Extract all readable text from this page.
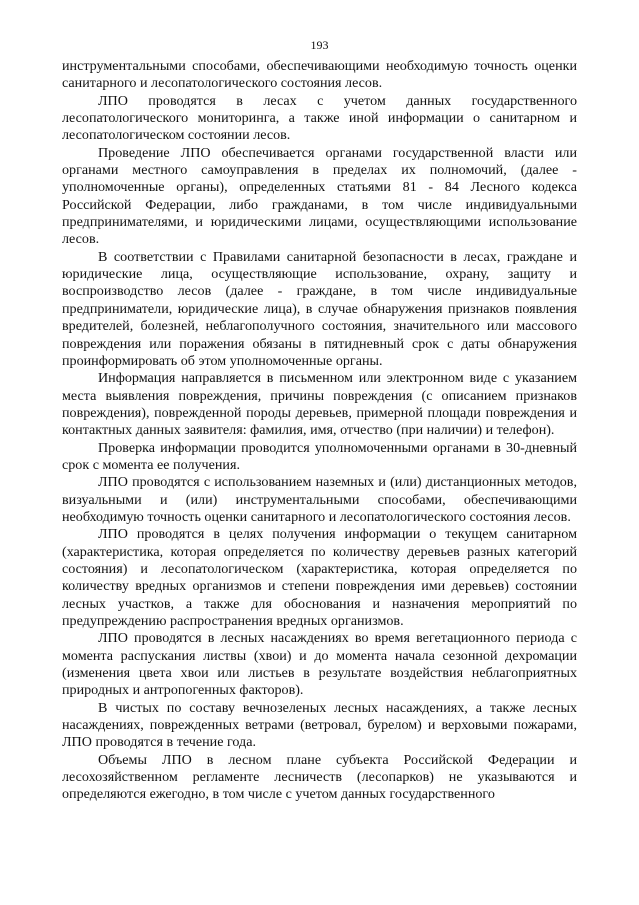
193

инструментальными способами, обеспечивающими необходимую точность оценки санитарного и лесопатологического состояния лесов.

ЛПО проводятся в лесах с учетом данных государственного лесопатологического мониторинга, а также иной информации о санитарном и лесопатологическом состоянии лесов.

Проведение ЛПО обеспечивается органами государственной власти или органами местного самоуправления в пределах их полномочий, (далее - уполномоченные органы), определенных статьями 81 - 84 Лесного кодекса Российской Федерации, либо гражданами, в том числе индивидуальными предпринимателями, и юридическими лицами, осуществляющими использование лесов.

В соответствии с Правилами санитарной безопасности в лесах, граждане и юридические лица, осуществляющие использование, охрану, защиту и воспроизводство лесов (далее - граждане, в том числе индивидуальные предприниматели, юридические лица), в случае обнаружения признаков появления вредителей, болезней, неблагополучного состояния, значительного или массового повреждения или поражения обязаны в пятидневный срок с даты обнаружения проинформировать об этом уполномоченные органы.

Информация направляется в письменном или электронном виде с указанием места выявления повреждения, причины повреждения (с описанием признаков повреждения), поврежденной породы деревьев, примерной площади повреждения и контактных данных заявителя: фамилия, имя, отчество (при наличии) и телефон).

Проверка информации проводится уполномоченными органами в 30-дневный срок с момента ее получения.

ЛПО проводятся с использованием наземных и (или) дистанционных методов, визуальными и (или) инструментальными способами, обеспечивающими необходимую точность оценки санитарного и лесопатологического состояния лесов.

ЛПО проводятся в целях получения информации о текущем санитарном (характеристика, которая определяется по количеству деревьев разных категорий состояния) и лесопатологическом (характеристика, которая определяется по количеству вредных организмов и степени повреждения ими деревьев) состоянии лесных участков, а также для обоснования и назначения мероприятий по предупреждению распространения вредных организмов.

ЛПО проводятся в лесных насаждениях во время вегетационного периода с момента распускания листвы (хвои) и до момента начала сезонной дехромации (изменения цвета хвои или листьев в результате воздействия неблагоприятных природных и антропогенных факторов).

В чистых по составу вечнозеленых лесных насаждениях, а также лесных насаждениях, поврежденных ветрами (ветровал, бурелом) и верховыми пожарами, ЛПО проводятся в течение года.

Объемы ЛПО в лесном плане субъекта Российской Федерации и лесохозяйственном регламенте лесничеств (лесопарков) не указываются и определяются ежегодно, в том числе с учетом данных государственного
